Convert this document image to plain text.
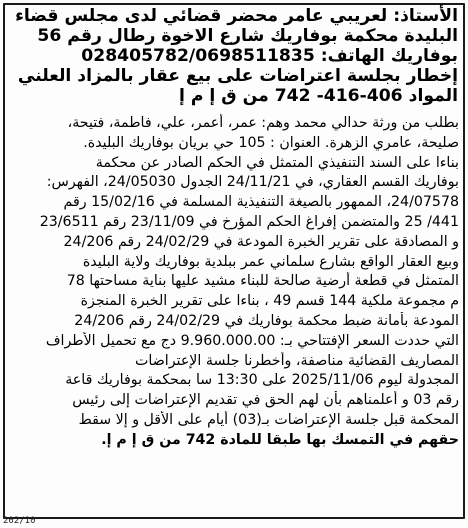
الأستاذ: لعريبي عامر محضر قضائي لدى مجلس قضاء
البليدة محكمة بوفاريك شارع الاخوة رطال رقم 56
بوفاريك الهاتف: 028405782/0698511835
إخطار بجلسة اعتراضات على بيع عقار بالمزاد العلني
المواد 406-416- 742 من ق إ م إ
بطلب من ورثة حدالي محمد وهم: عمر، أعمر، علي، فاطمة، فتيحة،
صليحة، عامري الزهرة. العنوان : 105 حي بريان بوفاريك البليدة.
بناءا على السند التنفيذي المتمثل في الحكم الصادر عن محكمة
بوفاريك القسم العقاري، في 24/11/21 الجدول 24/05030، الفهرس:
24/07578، الممهور بالصيغة التنفيذية المسلمة في 15/02/16 رقم
441/ 25 والمتضمن إفراغ الحكم المؤرخ في 23/11/09 رقم 23/6511
و المصادقة على تقرير الخبرة المودعة في 24/02/29 رقم 24/206
وبيع العقار الواقع بشارع سلماني عمر ببلدية بوفاريك ولاية البليدة
المتمثل في قطعة أرضية صالحة للبناء مشيد عليها بناية مساحتها 78
م مجموعة ملكية 144 قسم 49 ، بناءا على تقرير الخبرة المنجزة
المودعة بأمانة ضبط محكمة بوفاريك في 24/02/29 رقم 24/206
التي حددت السعر الإفتتاحي بـ: 9.960.000.00 دج مع تحميل الأطراف
المصاريف القضائية مناصفة، وأخطرنا جلسة الإعتراضات
المجدولة ليوم 2025/11/06 على 13:30 سا بمحكمة بوفاريك قاعة
رقم 03 و أعلمناهم بأن لهم الحق في تقديم الإعتراضات إلى رئيس
المحكمة قبل جلسة الإعتراضات بـ(03) أيام على الأقل و إلا سقط
حقهم في التمسك بها طبقا للمادة 742 من ق إ م إ.
202/10
